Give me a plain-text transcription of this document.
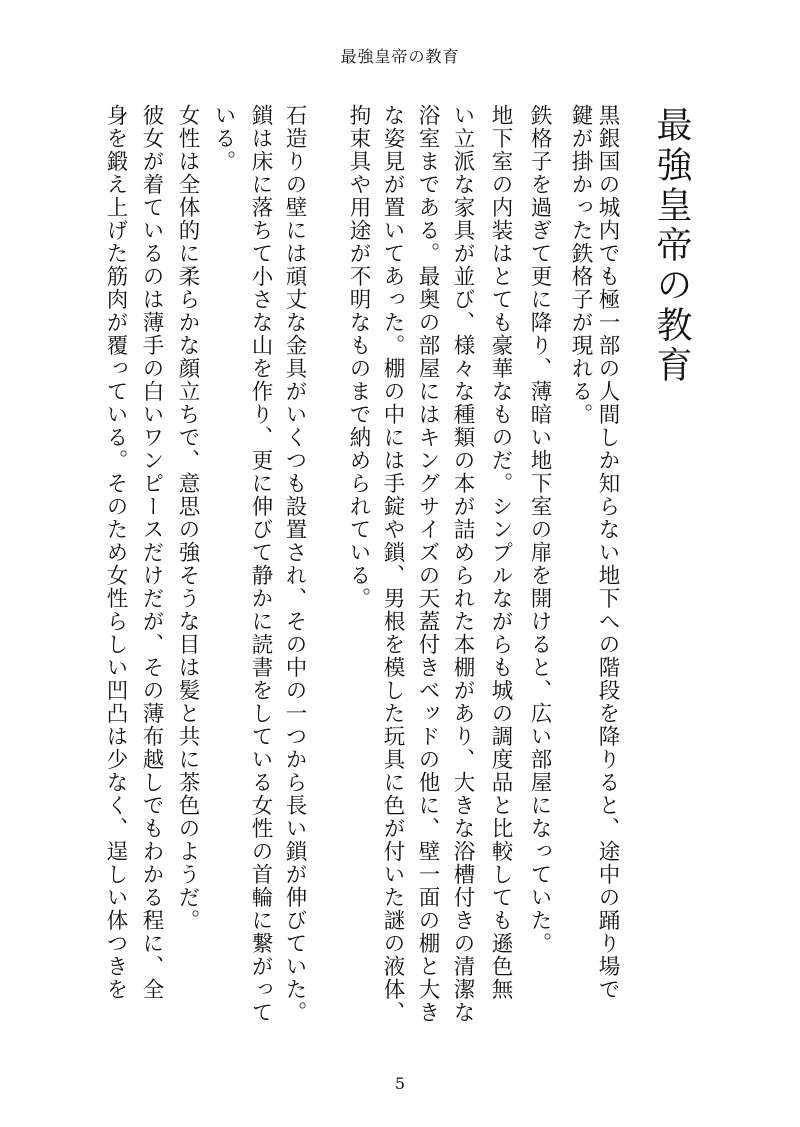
最強皇帝の教育
最強皇帝の教育
黒銀国の城内でも極一部の人間しか知らない地下への階段を降りると、途中の踊り場で
鍵が掛かった鉄格子が現れる。
鉄格子を過ぎて更に降り、薄暗い地下室の扉を開けると、広い部屋になっていた。
地下室の内装はとても豪華なものだ。シンプルながらも城の調度品と比較しても遜色無
い立派な家具が並び、様々な種類の本が詰められた本棚があり、大きな浴槽付きの清潔な
浴室まである。最奥の部屋にはキングサイズの天蓋付きベッドの他に、壁一面の棚と大き
な姿見が置いてあった。棚の中には手錠や鎖、男根を模した玩具に色が付いた謎の液体、
拘束具や用途が不明なものまで納められている。
石造りの壁には頑丈な金具がいくつも設置され、その中の一つから長い鎖が伸びていた。
鎖は床に落ちて小さな山を作り、更に伸びて静かに読書をしている女性の首輪に繋がって
いる。
女性は全体的に柔らかな顔立ちで、意思の強そうな目は髪と共に茶色のようだ。
彼女が着ているのは薄手の白いワンピースだけだが、その薄布越しでもわかる程に、全
身を鍛え上げた筋肉が覆っている。そのため女性らしい凹凸は少なく、逞しい体つきを
5
